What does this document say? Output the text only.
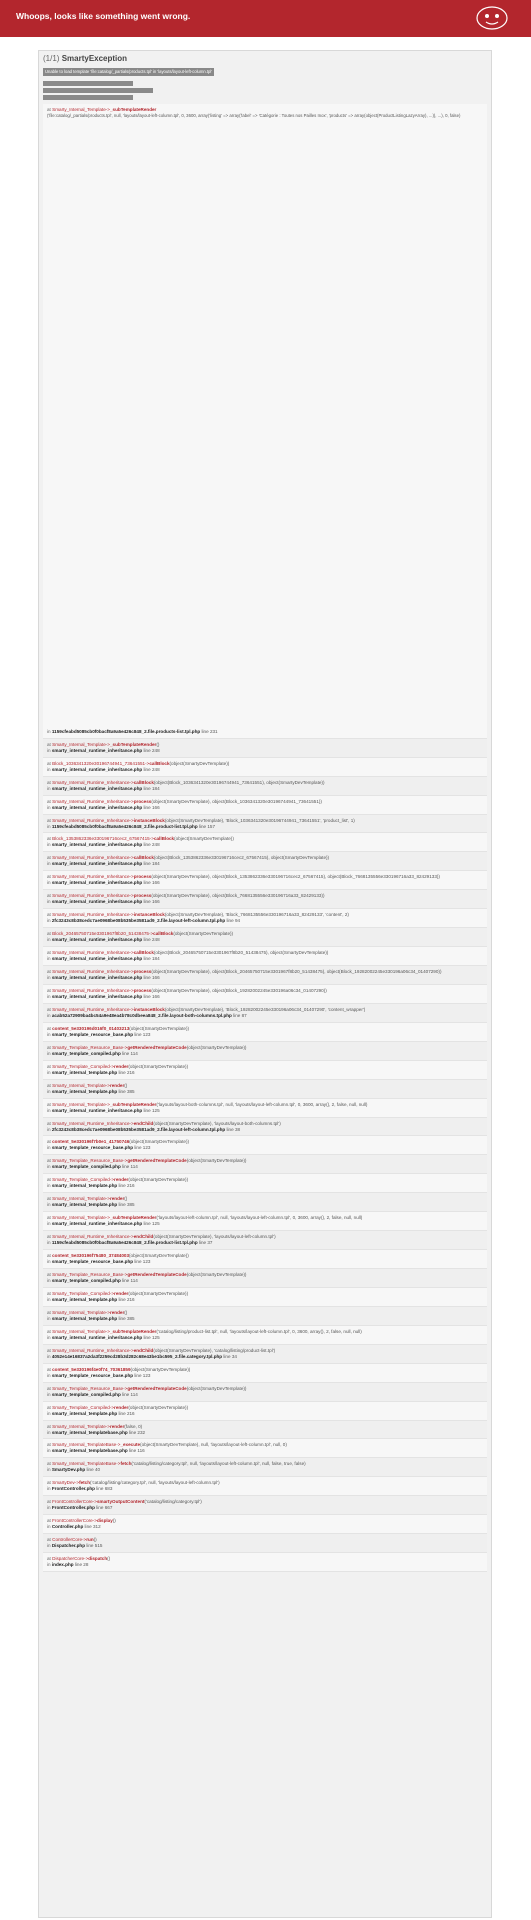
Whoops, looks like something went wrong.
(1/1) SmartyException
Unable to load template 'file:catalog/_partials/products.tpl' in 'layouts/layout-left-column.tpl'
at Smarty_Internal_Template->_subTemplateRender
('file:catalog/_partials/products.tpl', null, 'layouts/layout-left-column.tpl', 0, 3600, array('listing' => array('label' => 'Catégorie : Toutes nos Pailles Inox', 'products' => array(object(ProductListingLazyArray), ...)), ...), 0, false)
in 1159cfeabd5085cb0f0bacf8a9a5e426c848_2.file.products-list.tpl.php line 231
at Smarty_Internal_Template->_subTemplateRender()
in smarty_internal_runtime_inheritance.php line 248
at Block_1036341320e30196744941_73641551->callBlock(object(SmartyDevTemplate))
in smarty_internal_runtime_inheritance.php line 248
at Smarty_Internal_Runtime_Inheritance->callBlock(object(Block_1036341320e30196744941_73641551), object(SmartyDevTemplate))
in smarty_internal_runtime_inheritance.php line 184
at Smarty_Internal_Runtime_Inheritance->process(object(SmartyDevTemplate), object(Block_1036341320e30196744941_73641551))
in smarty_internal_runtime_inheritance.php line 166
at Smarty_Internal_Runtime_Inheritance->instanceBlock(object(SmartyDevTemplate), 'Block_1036341320e30196744941_73641551', 'product_list', 1)
in 1159cfeabd5085cb0f0bacf8a9a5e426c848_2.file.product-list.tpl.php line 157
at Block_1353862336e330196716cec2_67567415->callBlock(object(SmartyDevTemplate))
in smarty_internal_runtime_inheritance.php line 248
at Smarty_Internal_Runtime_Inheritance->callBlock(object(Block_1353862336e330196716cec2_67567415), object(SmartyDevTemplate))
in smarty_internal_runtime_inheritance.php line 184
at Smarty_Internal_Runtime_Inheritance->process(object(SmartyDevTemplate), object(Block_1353862336e330196716cec2_67567415), object(Block_7668135556e330196716a33_82429133))
in smarty_internal_runtime_inheritance.php line 166
at Smarty_Internal_Runtime_Inheritance->process(object(SmartyDevTemplate), object(Block_7668135556e330196716a33_82429133))
in smarty_internal_runtime_inheritance.php line 166
at Smarty_Internal_Runtime_Inheritance->instanceBlock(object(SmartyDevTemplate), 'Block_7668135556e330196716a33_82429133', 'content', 2)
in 2fc3243c8b38cedc7ae0968be08b535be3581ad9_2.file.layout-left-column.tpl.php line 94
at Block_20465750715e3301967f8b20_51438475->callBlock(object(SmartyDevTemplate))
in smarty_internal_runtime_inheritance.php line 248
at Smarty_Internal_Runtime_Inheritance->callBlock(object(Block_20465750715e3301967f8b20_51438475), object(SmartyDevTemplate))
in smarty_internal_runtime_inheritance.php line 184
at Smarty_Internal_Runtime_Inheritance->process(object(SmartyDevTemplate), object(Block_20465750715e3301967f8b20_51438475), object(Block_19282002245e330196a06c34_01407290))
in smarty_internal_runtime_inheritance.php line 166
at Smarty_Internal_Runtime_Inheritance->process(object(SmartyDevTemplate), object(Block_19282002245e330196a06c34_01407290))
in smarty_internal_runtime_inheritance.php line 166
at Smarty_Internal_Runtime_Inheritance->instanceBlock(object(SmartyDevTemplate), 'Block_19282002245e330196a06c34_01407290', 'content_wrapper')
in acab52a72909ba4bc54a9e48ea4b78c0dbeea848_2.file.layout-both-columns.tpl.php line 87
at content_5e330196d016f0_01403213(object(SmartyDevTemplate))
in smarty_template_resource_base.php line 123
at Smarty_Template_Resource_Base->getRenderedTemplateCode(object(SmartyDevTemplate))
in smarty_template_compiled.php line 114
at Smarty_Template_Compiled->render(object(SmartyDevTemplate))
in smarty_internal_template.php line 216
at Smarty_Internal_Template->render()
in smarty_internal_template.php line 385
at Smarty_Internal_Template->_subTemplateRender('layouts/layout-both-columns.tpl', null, 'layouts/layout-left-column.tpl', 0, 3600, array(), 2, false, null, null)
in smarty_internal_runtime_inheritance.php line 125
at Smarty_Internal_Runtime_Inheritance->endChild(object(SmartyDevTemplate), 'layouts/layout-both-columns.tpl')
in 2fc3243c8b38cedc7ae0968be08b535be3581ad9_2.file.layout-left-column.tpl.php line 38
at content_5e330196f7b0e1_41750746(object(SmartyDevTemplate))
in smarty_template_resource_base.php line 123
at Smarty_Template_Resource_Base->getRenderedTemplateCode(object(SmartyDevTemplate))
in smarty_template_compiled.php line 114
at Smarty_Template_Compiled->render(object(SmartyDevTemplate))
in smarty_internal_template.php line 216
at Smarty_Internal_Template->render()
in smarty_internal_template.php line 385
at Smarty_Internal_Template->_subTemplateRender('layouts/layout-left-column.tpl', null, 'layouts/layout-left-column.tpl', 0, 3600, array(), 2, false, null, null)
in smarty_internal_runtime_inheritance.php line 125
at Smarty_Internal_Runtime_Inheritance->endChild(object(SmartyDevTemplate), 'layouts/layout-left-column.tpl')
in 1159cfeabd5085cb0f0bacf8a9a5e426c848_2.file.product-list.tpl.php line 37
at content_5e330196f75480_37484003(object(SmartyDevTemplate))
in smarty_template_resource_base.php line 123
at Smarty_Template_Resource_Base->getRenderedTemplateCode(object(SmartyDevTemplate))
in smarty_template_compiled.php line 114
at Smarty_Template_Compiled->render(object(SmartyDevTemplate))
in smarty_internal_template.php line 216
at Smarty_Internal_Template->render()
in smarty_internal_template.php line 385
at Smarty_Internal_Template->_subTemplateRender('catalog/listing/product-list.tpl', null, 'layouts/layout-left-column.tpl', 0, 3600, array(), 2, false, null, null)
in smarty_internal_runtime_inheritance.php line 125
at Smarty_Internal_Runtime_Inheritance->endChild(object(SmartyDevTemplate), 'catalog/listing/product-list.tpl')
in 4052e14e16837a2da3f2259cd28b3d282c68e43be1bc595_2.file.category.tpl.php line 34
at content_5e330196f4e0f74_70361859(object(SmartyDevTemplate))
in smarty_template_resource_base.php line 123
at Smarty_Template_Resource_Base->getRenderedTemplateCode(object(SmartyDevTemplate))
in smarty_template_compiled.php line 114
at Smarty_Template_Compiled->render(object(SmartyDevTemplate))
in smarty_internal_template.php line 216
at Smarty_Internal_Template->render(false, 0)
in smarty_internal_templatebase.php line 232
at Smarty_Internal_TemplateBase->_execute(object(SmartyDevTemplate), null, 'layouts/layout-left-column.tpl', null, 0)
in smarty_internal_templatebase.php line 116
at Smarty_Internal_TemplateBase->fetch('catalog/listing/category.tpl', null, 'layouts/layout-left-column.tpl', null, false, true, false)
in SmartyDev.php line 40
at SmartyDev->fetch('catalog/listing/category.tpl', null, 'layouts/layout-left-column.tpl')
in FrontController.php line 683
at FrontControllerCore->smartyOutputContent('catalog/listing/category.tpl')
in FrontController.php line 667
at FrontControllerCore->display()
in Controller.php line 312
at ControllerCore->run()
in Dispatcher.php line 515
at DispatcherCore->dispatch()
in index.php line 28
